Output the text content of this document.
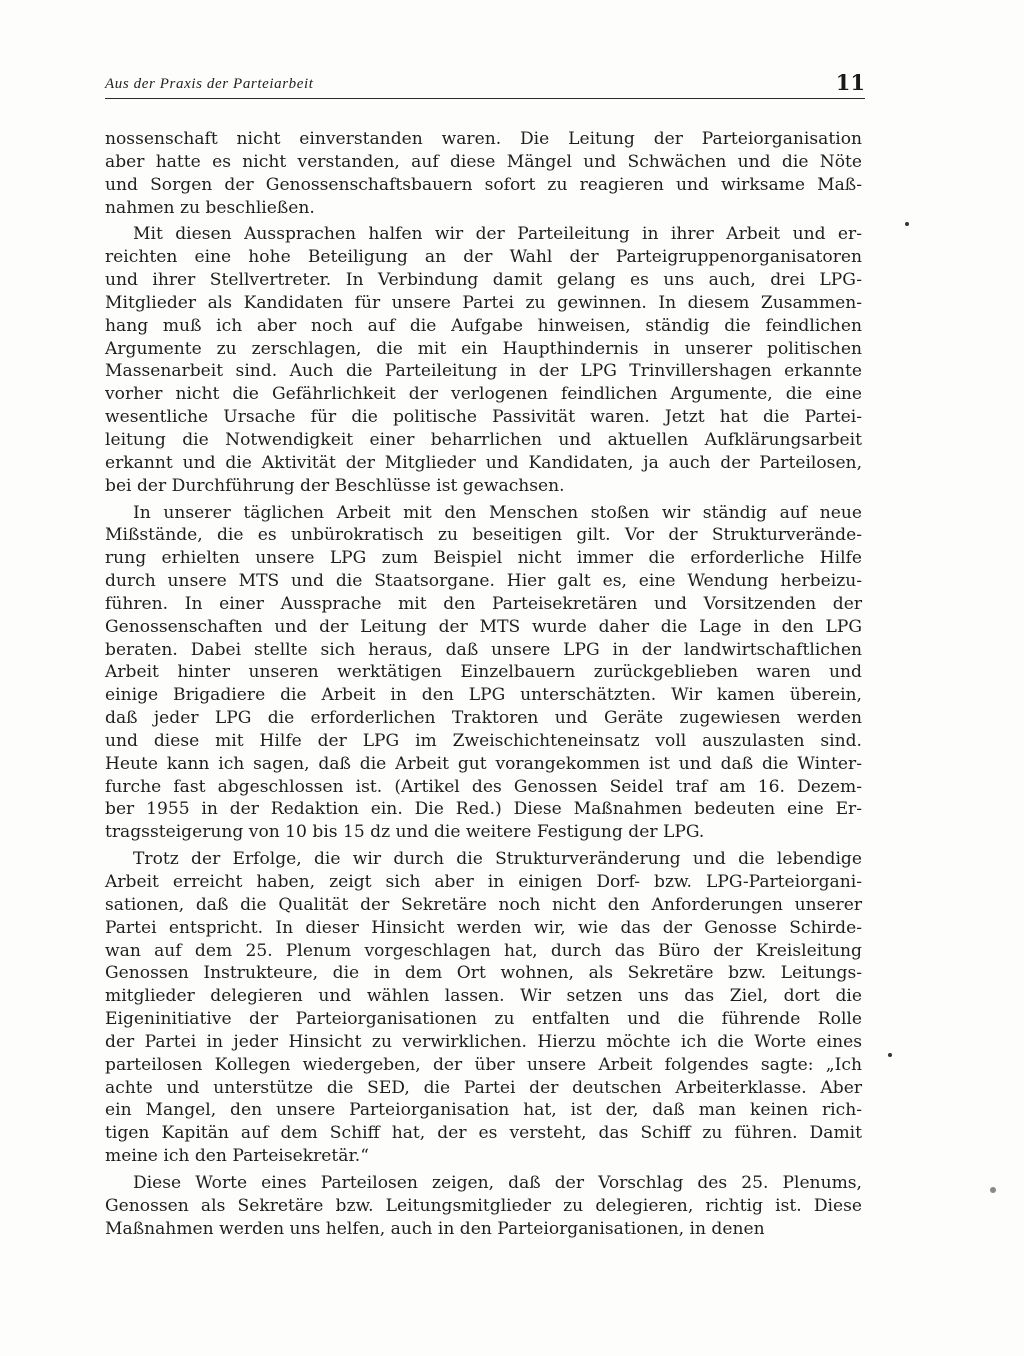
Aus der Praxis der Parteiarbeit	11

nossenschaft nicht einverstanden waren. Die Leitung der Parteiorganisation
aber hatte es nicht verstanden, auf diese Mängel und Schwächen und die Nöte
und Sorgen der Genossenschaftsbauern sofort zu reagieren und wirksame Maß-
nahmen zu beschließen.

Mit diesen Aussprachen halfen wir der Parteileitung in ihrer Arbeit und er-
reichten eine hohe Beteiligung an der Wahl der Parteigruppenorganisatoren
und ihrer Stellvertreter. In Verbindung damit gelang es uns auch, drei LPG-
Mitglieder als Kandidaten für unsere Partei zu gewinnen. In diesem Zusammen-
hang muß ich aber noch auf die Aufgabe hinweisen, ständig die feindlichen
Argumente zu zerschlagen, die mit ein Haupthindernis in unserer politischen
Massenarbeit sind. Auch die Parteileitung in der LPG Trinvillershagen erkannte
vorher nicht die Gefährlichkeit der verlogenen feindlichen Argumente, die eine
wesentliche Ursache für die politische Passivität waren. Jetzt hat die Partei-
leitung die Notwendigkeit einer beharrlichen und aktuellen Aufklärungsarbeit
erkannt und die Aktivität der Mitglieder und Kandidaten, ja auch der Parteilosen,
bei der Durchführung der Beschlüsse ist gewachsen.

In unserer täglichen Arbeit mit den Menschen stoßen wir ständig auf neue
Mißstände, die es unbürokratisch zu beseitigen gilt. Vor der Strukturverände-
rung erhielten unsere LPG zum Beispiel nicht immer die erforderliche Hilfe
durch unsere MTS und die Staatsorgane. Hier galt es, eine Wendung herbeizu-
führen. In einer Aussprache mit den Parteisekretären und Vorsitzenden der
Genossenschaften und der Leitung der MTS wurde daher die Lage in den LPG
beraten. Dabei stellte sich heraus, daß unsere LPG in der landwirtschaftlichen
Arbeit hinter unseren werktätigen Einzelbauern zurückgeblieben waren und
einige Brigadiere die Arbeit in den LPG unterschätzten. Wir kamen überein,
daß jeder LPG die erforderlichen Traktoren und Geräte zugewiesen werden
und diese mit Hilfe der LPG im Zweischichteneinsatz voll auszulasten sind.
Heute kann ich sagen, daß die Arbeit gut vorangekommen ist und daß die Winter-
furche fast abgeschlossen ist. (Artikel des Genossen Seidel traf am 16. Dezem-
ber 1955 in der Redaktion ein. Die Red.) Diese Maßnahmen bedeuten eine Er-
tragssteigerung von 10 bis 15 dz und die weitere Festigung der LPG.

Trotz der Erfolge, die wir durch die Strukturveränderung und die lebendige
Arbeit erreicht haben, zeigt sich aber in einigen Dorf- bzw. LPG-Parteiorgani-
sationen, daß die Qualität der Sekretäre noch nicht den Anforderungen unserer
Partei entspricht. In dieser Hinsicht werden wir, wie das der Genosse Schirde-
wan auf dem 25. Plenum vorgeschlagen hat, durch das Büro der Kreisleitung
Genossen Instrukteure, die in dem Ort wohnen, als Sekretäre bzw. Leitungs-
mitglieder delegieren und wählen lassen. Wir setzen uns das Ziel, dort die
Eigeninitiative der Parteiorganisationen zu entfalten und die führende Rolle
der Partei in jeder Hinsicht zu verwirklichen. Hierzu möchte ich die Worte eines
parteilosen Kollegen wiedergeben, der über unsere Arbeit folgendes sagte: „Ich
achte und unterstütze die SED, die Partei der deutschen Arbeiterklasse. Aber
ein Mangel, den unsere Parteiorganisation hat, ist der, daß man keinen rich-
tigen Kapitän auf dem Schiff hat, der es versteht, das Schiff zu führen. Damit
meine ich den Parteisekretär.“

Diese Worte eines Parteilosen zeigen, daß der Vorschlag des 25. Plenums,
Genossen als Sekretäre bzw. Leitungsmitglieder zu delegieren, richtig ist. Diese
Maßnahmen werden uns helfen, auch in den Parteiorganisationen, in denen
